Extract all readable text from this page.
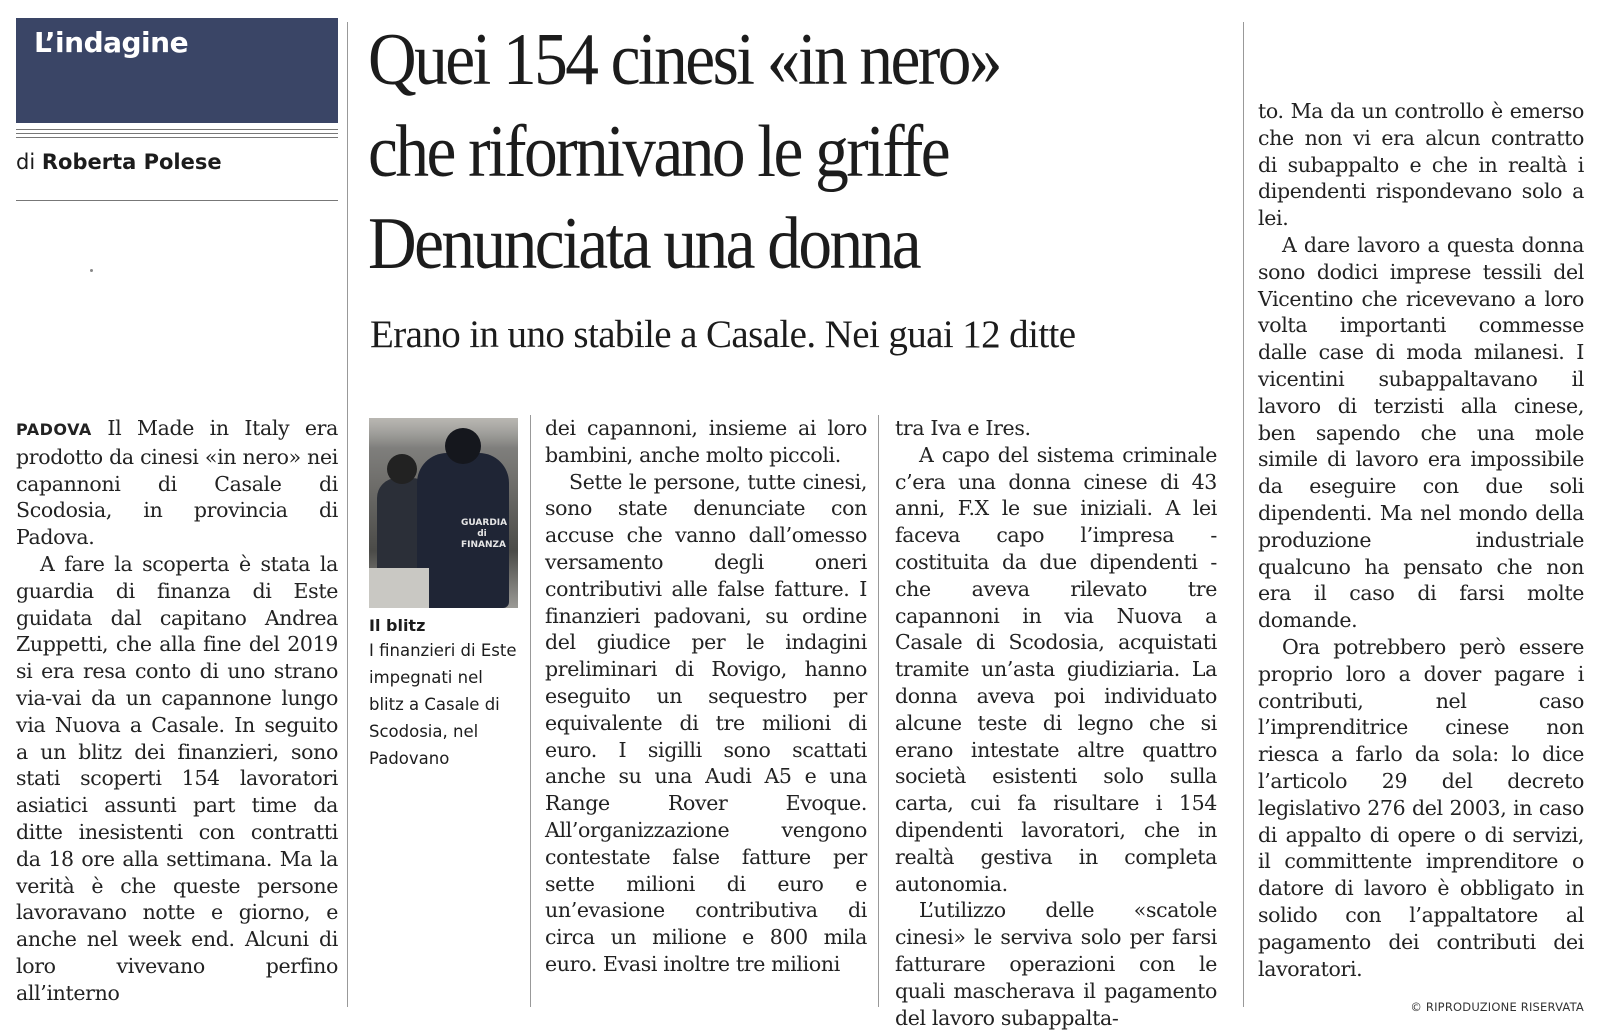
L’indagine
di Roberta Polese
Quei 154 cinesi «in nero»
che rifornivano le griffe
Denunciata una donna
Erano in uno stabile a Casale. Nei guai 12 ditte
GUARDIA di FINANZA
Il blitz
I finanzieri di Este impegnati nel blitz a Casale di Scodosia, nel Padovano

PADOVA Il Made in Italy era prodotto da cinesi «in nero» nei capannoni di Casale di Scodosia, in provincia di Padova.

A fare la scoperta è stata la guardia di finanza di Este guidata dal capitano Andrea Zuppetti, che alla fine del 2019 si era resa conto di uno strano via-vai da un capannone lungo via Nuova a Casale. In seguito a un blitz dei finanzieri, sono stati scoperti 154 lavoratori asiatici assunti part time da ditte inesistenti con contratti da 18 ore alla settimana. Ma la verità è che queste persone lavoravano notte e giorno, e anche nel week end. Alcuni di loro vivevano perfino all’interno

dei capannoni, insieme ai loro bambini, anche molto piccoli.

Sette le persone, tutte cinesi, sono state denunciate con accuse che vanno dall’omesso versamento degli oneri contributivi alle false fatture. I finanzieri padovani, su ordine del giudice per le indagini preliminari di Rovigo, hanno eseguito un sequestro per equivalente di tre milioni di euro. I sigilli sono scattati anche su una Audi A5 e una Range Rover Evoque. All’organizzazione vengono contestate false fatture per sette milioni di euro e un’evasione contributiva di circa un milione e 800 mila euro. Evasi inoltre tre milioni

tra Iva e Ires.

A capo del sistema criminale c’era una donna cinese di 43 anni, F.X le sue iniziali. A lei faceva capo l’impresa - costituita da due dipendenti - che aveva rilevato tre capannoni in via Nuova a Casale di Scodosia, acquistati tramite un’asta giudiziaria. La donna aveva poi individuato alcune teste di legno che si erano intestate altre quattro società esistenti solo sulla carta, cui fa risultare i 154 dipendenti lavoratori, che in realtà gestiva in completa autonomia.

L’utilizzo delle «scatole cinesi» le serviva solo per farsi fatturare operazioni con le quali mascherava il pagamento del lavoro subappalta-

to. Ma da un controllo è emerso che non vi era alcun contratto di subappalto e che in realtà i dipendenti rispondevano solo a lei.

A dare lavoro a questa donna sono dodici imprese tessili del Vicentino che ricevevano a loro volta importanti commesse dalle case di moda milanesi. I vicentini subappaltavano il lavoro di terzisti alla cinese, ben sapendo che una mole simile di lavoro era impossibile da eseguire con due soli dipendenti. Ma nel mondo della produzione industriale qualcuno ha pensato che non era il caso di farsi molte domande.

Ora potrebbero però essere proprio loro a dover pagare i contributi, nel caso l’imprenditrice cinese non riesca a farlo da sola: lo dice l’articolo 29 del decreto legislativo 276 del 2003, in caso di appalto di opere o di servizi, il committente imprenditore o datore di lavoro è obbligato in solido con l’appaltatore al pagamento dei contributi dei lavoratori.

© RIPRODUZIONE RISERVATA
